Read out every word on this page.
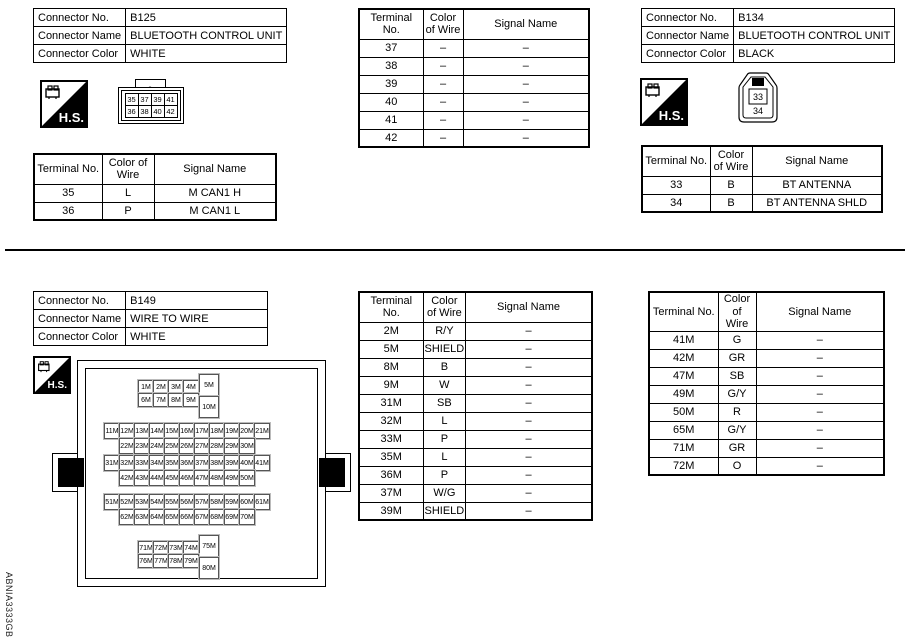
Connector No.	B125
Connector Name	BLUETOOTH CONTROL UNIT
Connector Color	WHITE
H.S.
35	37	39	41
36	38	40	42
Terminal No.	Color of Wire	Signal Name
35	L	M CAN1 H
36	P	M CAN1 L
Terminal No.	Color of Wire	Signal Name
37	–	–
38	–	–
39	–	–
40	–	–
41	–	–
42	–	–
Connector No.	B134
Connector Name	BLUETOOTH CONTROL UNIT
Connector Color	BLACK
H.S.
33
34
Terminal No.	Color of Wire	Signal Name
33	B	BT ANTENNA
34	B	BT ANTENNA SHLD
Connector No.	B149
Connector Name	WIRE TO WIRE
Connector Color	WHITE
H.S.	1M 2M 3M 4M	5M
6M 7M 8M 9M
10M
11M 12M 13M 14M 15M 16M 17M 18M 19M 20M 21M
22M 23M 24M 25M 26M 27M 28M 29M 30M
31M 32M 33M 34M 35M 36M 37M 38M 39M 40M 41M
42M 43M 44M 45M 46M 47M 48M 49M 50M
51M 52M 53M 54M 55M 56M 57M 58M 59M 60M 61M
62M 63M 64M 65M 66M 67M 68M 69M 70M
71M 72M 73M 74M 75M
76M 77M 78M 79M
80M
Terminal No.	Color of Wire	Signal Name
2M	R/Y	–
5M	SHIELD	–
8M	B	–
9M	W	–
31M	SB	–
32M	L	–
33M	P	–
35M	L	–
36M	P	–
37M	W/G	–
39M	SHIELD	–
Terminal No.	Color of Wire	Signal Name
41M	G	–
42M	GR	–
47M	SB	–
49M	G/Y	–
50M	R	–
65M	G/Y	–
71M	GR	–
72M	O	–
ABNIA3333GB
